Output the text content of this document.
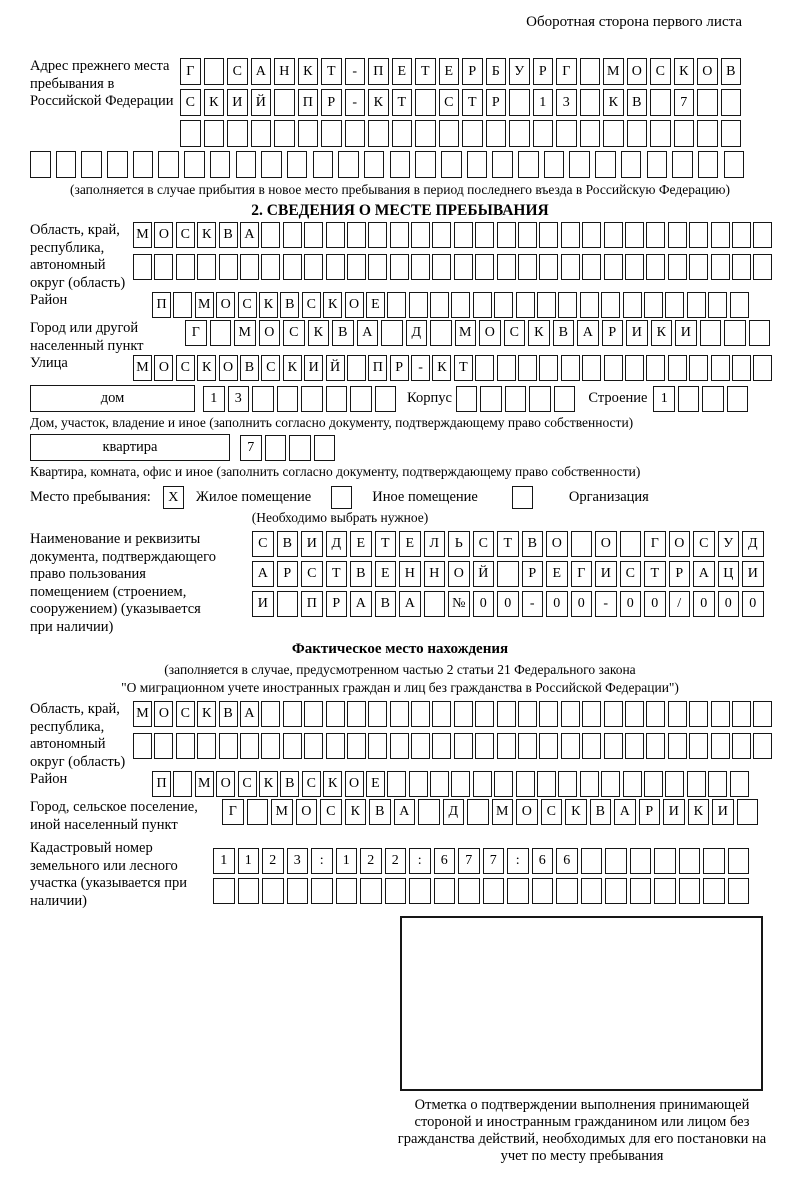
Оборотная сторона первого листа
Адрес прежнего места пребывания в Российской Федерации
Г	С А Н К	Т	-	П	Е	Т	Е	Р	Б	У	Р	Г	М О С	К О В
С	К И Й	П	Р	-	К	Т	С	Т	Р	1	3	К	В	7
(заполняется в случае прибытия в новое место пребывания в период последнего въезда в Российскую Федерацию)
2. СВЕДЕНИЯ О МЕСТЕ ПРЕБЫВАНИЯ
Область, край, республика, автономный округ (область)
М О С К В А
Район	П	М О С К В С К О Е
Город или другой населенный пункт
Г	М О	С	К	В	А	Д	М О	С	К	В	А	Р	И	К	И
Улица	М О С К О В С К И Й	П Р	-	К Т
дом	1	3	Корпус	Строение 1
Дом, участок, владение и иное (заполнить согласно документу, подтверждающему право собственности)
квартира	7
Квартира, комната, офис и иное (заполнить согласно документу, подтверждающему право собственности)
Место пребывания:	X	Жилое помещение	Иное помещение	Организация
(Необходимо выбрать нужное)
Наименование и реквизиты документа, подтверждающего право пользования помещением (строением, сооружением) (указывается при наличии)
С	В	И	Д	Е	Т	Е	Л	Ь	С	Т	В	О	О	Г	О	С	У	Д
А	Р	С	Т	В	Е	Н	Н	О	Й	Р	Е	Г	И	С	Т	Р	А	Ц	И
И	П	Р	А	В	А	№	0	0	-	0	0	-	0	0	/	0	0	0
Фактическое место нахождения
(заполняется в случае, предусмотренном частью 2 статьи 21 Федерального закона
"О миграционном учете иностранных граждан и лиц без гражданства в Российской Федерации")
Область, край, республика, автономный округ (область)
М О С К В А
Район	П	М О С К В С К О Е
Город, сельское поселение, иной населенный пункт
Г	М О	С	К	В	А	Д	М О	С	К	В	А	Р	И	К	И
Кадастровый номер земельного или лесного участка (указывается при наличии)
1	1	2	3	:	1	2	2	:	6	7	7	:	6	6
Отметка о подтверждении выполнения принимающей стороной и иностранным гражданином или лицом без гражданства действий, необходимых для его постановки на учет по месту пребывания
